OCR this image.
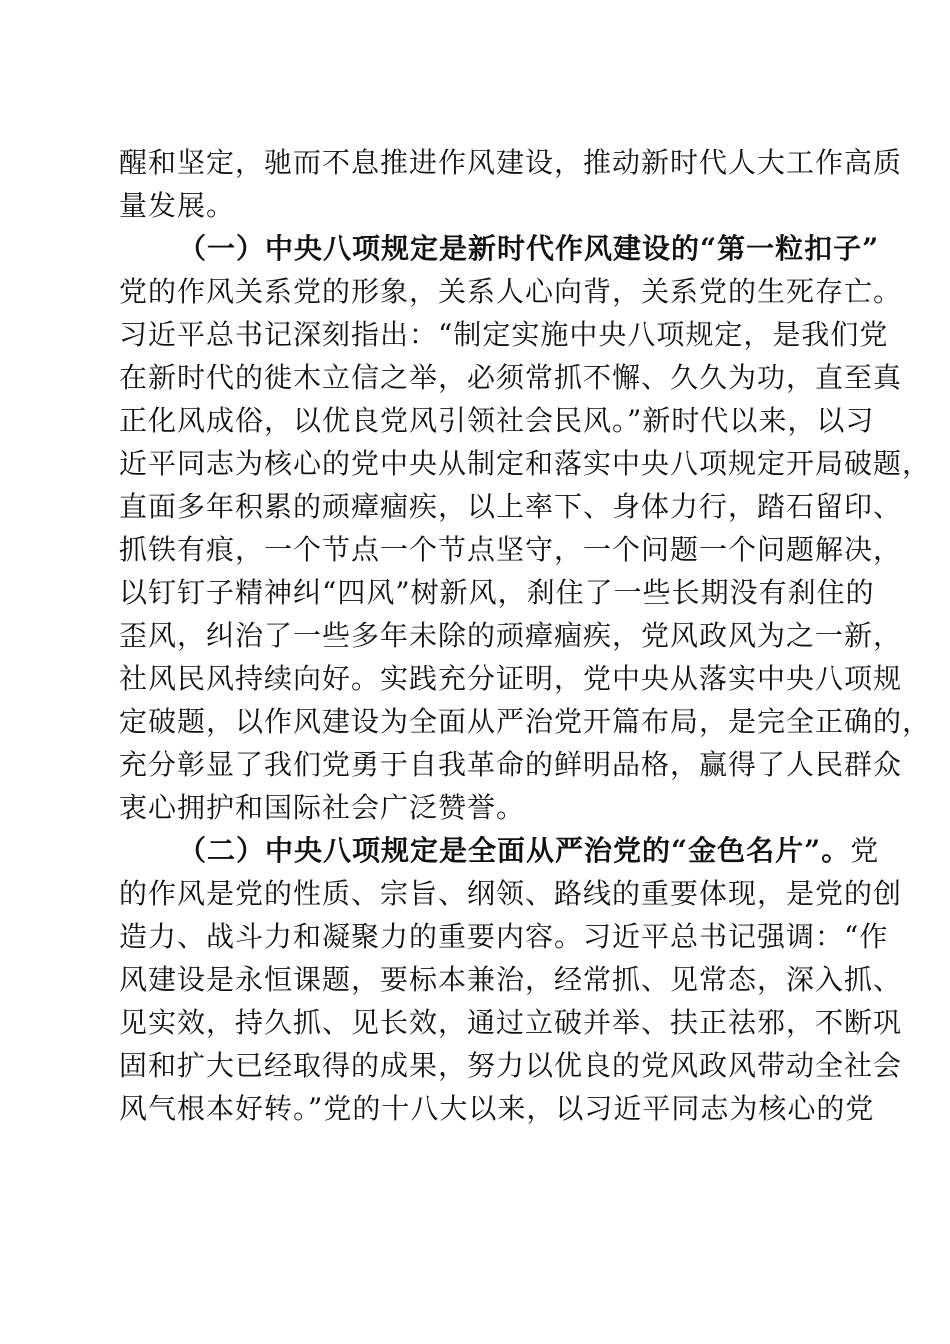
醒和坚定，驰而不息推进作风建设，推动新时代人大工作高质
量发展。
（一）中央八项规定是新时代作风建设的“第一粒扣子”
党的作风关系党的形象，关系人心向背，关系党的生死存亡。
习近平总书记深刻指出：“制定实施中央八项规定，是我们党
在新时代的徙木立信之举，必须常抓不懈、久久为功，直至真
正化风成俗，以优良党风引领社会民风。”新时代以来，以习
近平同志为核心的党中央从制定和落实中央八项规定开局破题，
直面多年积累的顽瘴痼疾，以上率下、身体力行，踏石留印、
抓铁有痕，一个节点一个节点坚守，一个问题一个问题解决，
以钉钉子精神纠“四风”树新风，刹住了一些长期没有刹住的
歪风，纠治了一些多年未除的顽瘴痼疾，党风政风为之一新，
社风民风持续向好。实践充分证明，党中央从落实中央八项规
定破题，以作风建设为全面从严治党开篇布局，是完全正确的，
充分彰显了我们党勇于自我革命的鲜明品格，赢得了人民群众
衷心拥护和国际社会广泛赞誉。
（二）中央八项规定是全面从严治党的“金色名片”。党
的作风是党的性质、宗旨、纲领、路线的重要体现，是党的创
造力、战斗力和凝聚力的重要内容。习近平总书记强调：“作
风建设是永恒课题，要标本兼治，经常抓、见常态，深入抓、
见实效，持久抓、见长效，通过立破并举、扶正祛邪，不断巩
固和扩大已经取得的成果，努力以优良的党风政风带动全社会
风气根本好转。”党的十八大以来，以习近平同志为核心的党
